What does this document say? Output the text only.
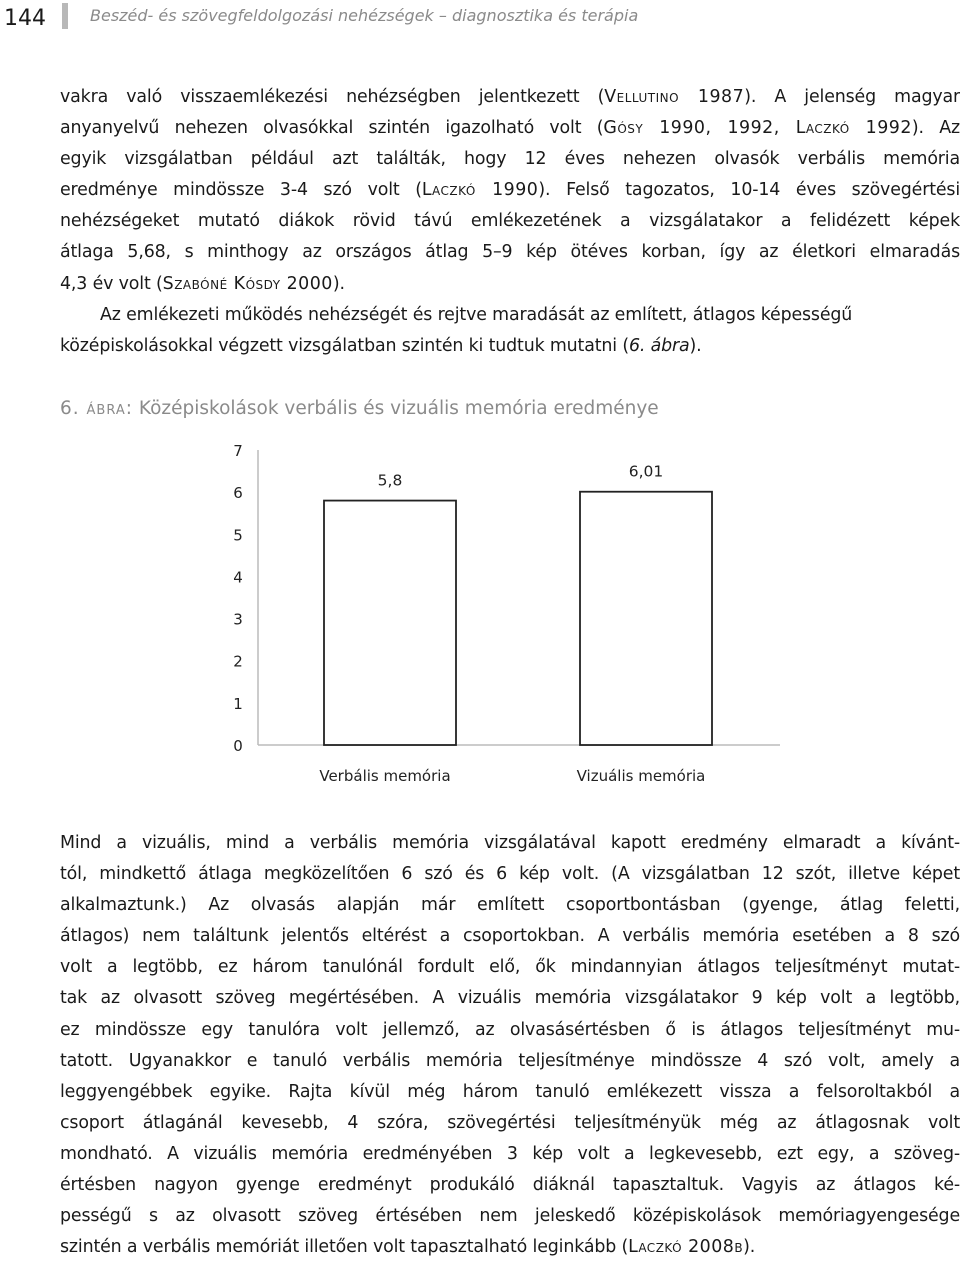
144	Beszéd- és szövegfeldolgozási nehézségek – diagnosztika és terápia
vakra való visszaemlékezési nehézségben jelentkezett (Vellutino 1987). A jelenség magyar
anyanyelvű nehezen olvasókkal szintén igazolható volt (Gósy 1990, 1992, Laczkó 1992). Az
egyik vizsgálatban például azt találták, hogy 12 éves nehezen olvasók verbális memória
eredménye mindössze 3-4 szó volt (Laczkó 1990). Felső tagozatos, 10-14 éves szövegértési
nehézségeket mutató diákok rövid távú emlékezetének a vizsgálatakor a felidézett képek
átlaga 5,68, s minthogy az országos átlag 5–9 kép ötéves korban, így az életkori elmaradás
4,3 év volt (Szabóné Kósdy 2000).
Az emlékezeti működés nehézségét és rejtve maradását az említett, átlagos képességű
középiskolásokkal végzett vizsgálatban szintén ki tudtuk mutatni (6. ábra).
6. ábra: Középiskolások verbális és vizuális memória eredménye
0
1
2
3
4
5
6
7
5,8
Verbális memória
6,01
Vizuális memória
Mind a vizuális, mind a verbális memória vizsgálatával kapott eredmény elmaradt a kívánt-
tól, mindkettő átlaga megközelítően 6 szó és 6 kép volt. (A vizsgálatban 12 szót, illetve képet
alkalmaztunk.) Az olvasás alapján már említett csoportbontásban (gyenge, átlag feletti,
átlagos) nem találtunk jelentős eltérést a csoportokban. A verbális memória esetében a 8 szó
volt a legtöbb, ez három tanulónál fordult elő, ők mindannyian átlagos teljesítményt mutat-
tak az olvasott szöveg megértésében. A vizuális memória vizsgálatakor 9 kép volt a legtöbb,
ez mindössze egy tanulóra volt jellemző, az olvasásértésben ő is átlagos teljesítményt mu-
tatott. Ugyanakkor e tanuló verbális memória teljesítménye mindössze 4 szó volt, amely a
leggyengébbek egyike. Rajta kívül még három tanuló emlékezett vissza a felsoroltakból a
csoport átlagánál kevesebb, 4 szóra, szövegértési teljesítményük még az átlagosnak volt
mondható. A vizuális memória eredményében 3 kép volt a legkevesebb, ezt egy, a szöveg-
értésben nagyon gyenge eredményt produkáló diáknál tapasztaltuk. Vagyis az átlagos ké-
pességű s az olvasott szöveg értésében nem jeleskedő középiskolások memóriagyengesége
szintén a verbális memóriát illetően volt tapasztalható leginkább (Laczkó 2008b).
